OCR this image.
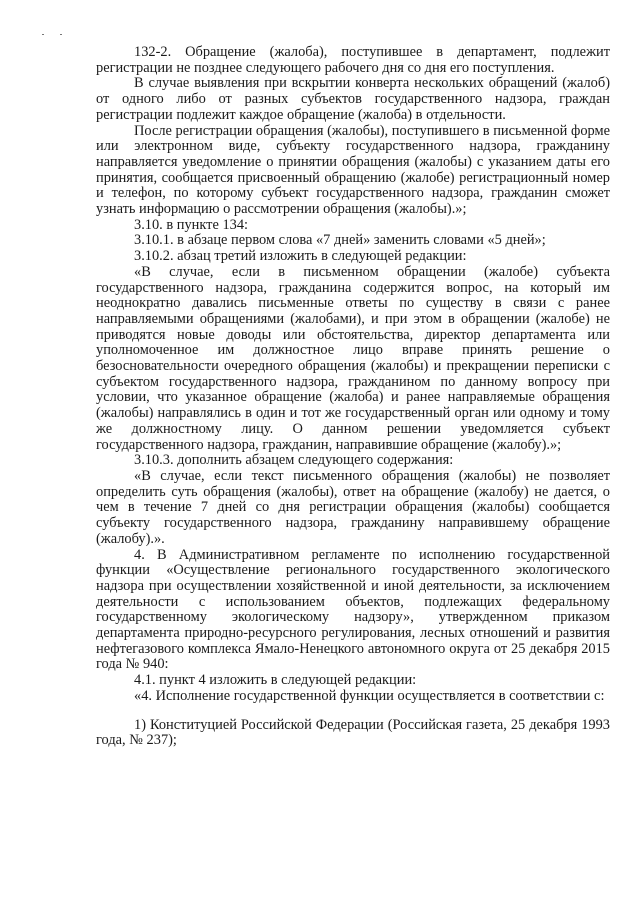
132-2. Обращение (жалоба), поступившее в департамент, подлежит регистрации не позднее следующего рабочего дня со дня его поступления.

В случае выявления при вскрытии конверта нескольких обращений (жалоб) от одного либо от разных субъектов государственного надзора, граждан регистрации подлежит каждое обращение (жалоба) в отдельности.

После регистрации обращения (жалобы), поступившего в письменной форме или электронном виде, субъекту государственного надзора, гражданину направляется уведомление о принятии обращения (жалобы) с указанием даты его принятия, сообщается присвоенный обращению (жалобе) регистрационный номер и телефон, по которому субъект государственного надзора, гражданин сможет узнать информацию о рассмотрении обращения (жалобы).»;

3.10. в пункте 134:

3.10.1. в абзаце первом слова «7 дней» заменить словами «5 дней»;

3.10.2. абзац третий изложить в следующей редакции:

«В случае, если в письменном обращении (жалобе) субъекта государственного надзора, гражданина содержится вопрос, на который им неоднократно давались письменные ответы по существу в связи с ранее направляемыми обращениями (жалобами), и при этом в обращении (жалобе) не приводятся новые доводы или обстоятельства, директор департамента или уполномоченное им должностное лицо вправе принять решение о безосновательности очередного обращения (жалобы) и прекращении переписки с субъектом государственного надзора, гражданином по данному вопросу при условии, что указанное обращение (жалоба) и ранее направляемые обращения (жалобы) направлялись в один и тот же государственный орган или одному и тому же должностному лицу. О данном решении уведомляется субъект государственного надзора, гражданин, направившие обращение (жалобу).»;

3.10.3. дополнить абзацем следующего содержания:

«В случае, если текст письменного обращения (жалобы) не позволяет определить суть обращения (жалобы), ответ на обращение (жалобу) не дается, о чем в течение 7 дней со дня регистрации обращения (жалобы) сообщается субъекту государственного надзора, гражданину направившему обращение (жалобу).».

4. В Административном регламенте по исполнению государственной функции «Осуществление регионального государственного экологического надзора при осуществлении хозяйственной и иной деятельности, за исключением деятельности с использованием объектов, подлежащих федеральному государственному экологическому надзору», утвержденном приказом департамента природно-ресурсного регулирования, лесных отношений и развития нефтегазового комплекса Ямало-Ненецкого автономного округа от 25 декабря 2015 года № 940:

4.1. пункт 4 изложить в следующей редакции:

«4. Исполнение государственной функции осуществляется в соответствии с:

1) Конституцией Российской Федерации (Российская газета, 25 декабря 1993 года, № 237);
